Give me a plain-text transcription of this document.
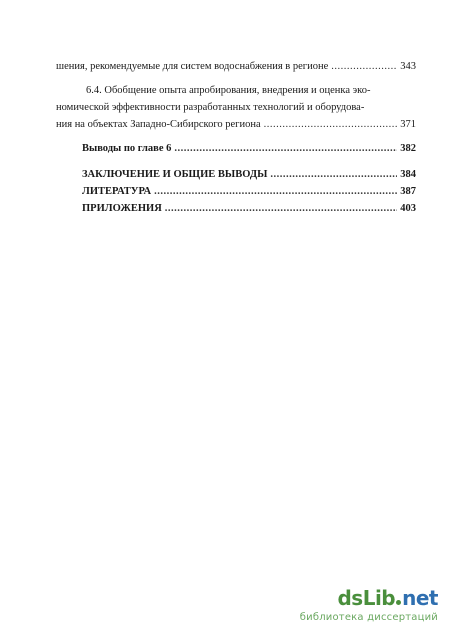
шения, рекомендуемые для систем водоснабжения в регионе .....	343
6.4. Обобщение опыта апробирования, внедрения и оценка эко-
номической эффективности разработанных технологий и оборудова-
ния на объектах Западно-Сибирского региона .....	371
Выводы по главе 6 .....	382
ЗАКЛЮЧЕНИЕ И ОБЩИЕ ВЫВОДЫ .....	384
ЛИТЕРАТУРА .....	387
ПРИЛОЖЕНИЯ .....	403
dsLib net
библиотека диссертаций
